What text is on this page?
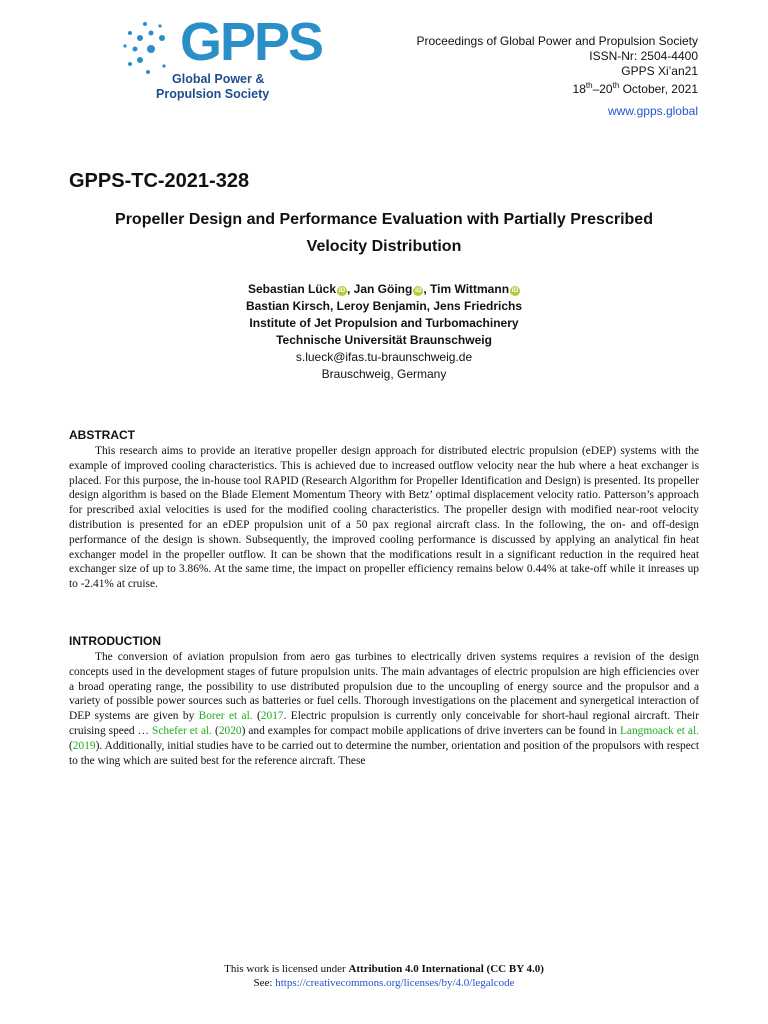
GPPS
Global Power &
Propulsion Society
Proceedings of Global Power and Propulsion Society
ISSN-Nr: 2504-4400
GPPS Xi’an21
18th–20th October, 2021
www.gpps.global
GPPS-TC-2021-328
Propeller Design and Performance Evaluation with Partially Prescribed
Velocity Distribution
Sebastian Lück iD , Jan Göing iD , Tim Wittmann iD
Bastian Kirsch, Leroy Benjamin, Jens Friedrichs
Institute of Jet Propulsion and Turbomachinery
Technische Universität Braunschweig
s.lueck@ifas.tu-braunschweig.de
Brauschweig, Germany
ABSTRACT

This research aims to provide an iterative propeller design approach for distributed electric propulsion (eDEP) systems with the example of improved cooling characteristics. This is achieved due to increased outflow velocity near the hub where a heat exchanger is placed. For this purpose, the in-house tool RAPID (Research Algorithm for Propeller Identification and Design) is presented. Its propeller design algorithm is based on the Blade Element Momentum Theory with Betz’ optimal displacement velocity ratio. Patterson’s approach for prescribed axial velocities is used for the modified cooling characteristics. The propeller design with modified near-root velocity distribution is presented for an eDEP propulsion unit of a 50 pax regional aircraft class. In the following, the on- and off-design performance of the design is shown. Subsequently, the improved cooling performance is discussed by applying an analytical fin heat exchanger model in the propeller outflow. It can be shown that the modifications result in a significant reduction in the required heat exchanger size of up to 3.86%. At the same time, the impact on propeller efficiency remains below 0.44% at take-off while it inreases up to -2.41% at cruise.

INTRODUCTION

The conversion of aviation propulsion from aero gas turbines to electrically driven systems requires a revision of the design concepts used in the development stages of future propulsion units. The main advantages of electric propulsion are high efficiencies over a broad operating range, the possibility to use distributed propulsion due to the uncoupling of energy source and the propulsor and a variety of possible power sources such as batteries or fuel cells. Thorough investigations on the placement and synergetical interaction of DEP systems are given by Borer et al. (2017. Electric propulsion is currently only conceivable for short-haul regional aircraft. Their cruising speed … Schefer et al. (2020) and examples for compact mobile applications of drive inverters can be found in Langmoack et al. (2019). Additionally, initial studies have to be carried out to determine the number, orientation and position of the propulsors with respect to the wing which are suited best for the reference aircraft. These

This work is licensed under Attribution 4.0 International (CC BY 4.0)
See: https://creativecommons.org/licenses/by/4.0/legalcode
